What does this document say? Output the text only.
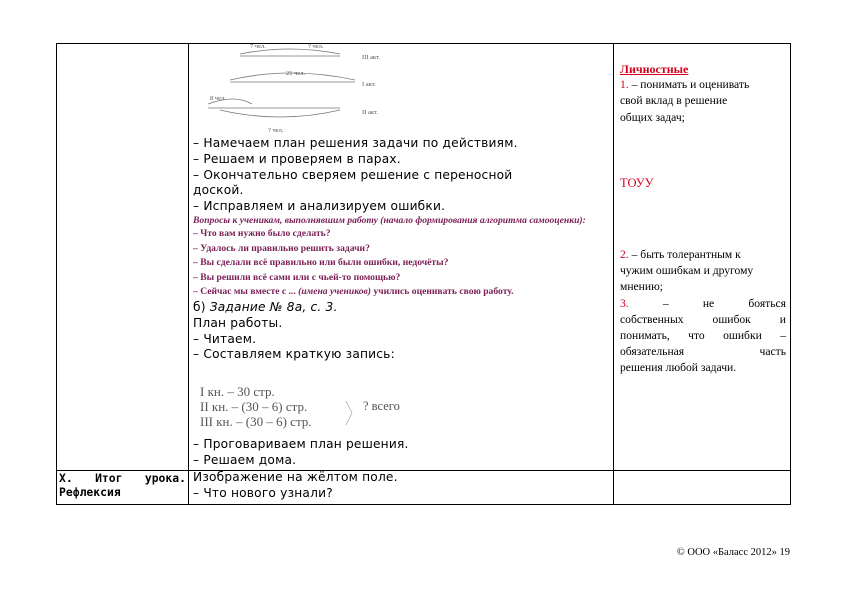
7 чел.	? чел.
III акт.
21 чел.
I акт.
8 чел.
II акт.
? чел.
– Намечаем план решения задачи по действиям.
– Решаем и проверяем в парах.
– Окончательно сверяем решение с переносной
доской.
– Исправляем и анализируем ошибки.
Вопросы к ученикам, выполнявшим работу (начало формирования алгоритма самооценки):
– Что вам нужно было сделать?
– Удалось ли правильно решить задачи?
– Вы сделали всё правильно или были ошибки, недочёты?
– Вы решили всё сами или с чьей-то помощью?
– Сейчас мы вместе с ... (имена учеников) учились оценивать свою работу.
б) Задание № 8а, с. 3.
План работы.
– Читаем.
– Составляем краткую запись:
I кн. – 30 стр.
II кн. – (30 – 6) стр.
III кн. – (30 – 6) стр.
? всего
– Проговариваем план решения.
– Решаем дома.
X. Итог урока.
Рефлексия
Изображение на жёлтом поле.
– Что нового узнали?
Личностные
1. – понимать и оценивать
свой вклад в решение
общих задач;
ТОУУ
2. – быть толерантным к
чужим ошибкам и другому
мнению;
3. – не бояться
собственных ошибок и
понимать, что ошибки –
обязательная часть
решения любой задачи.
© ООО «Баласс 2012» 19
